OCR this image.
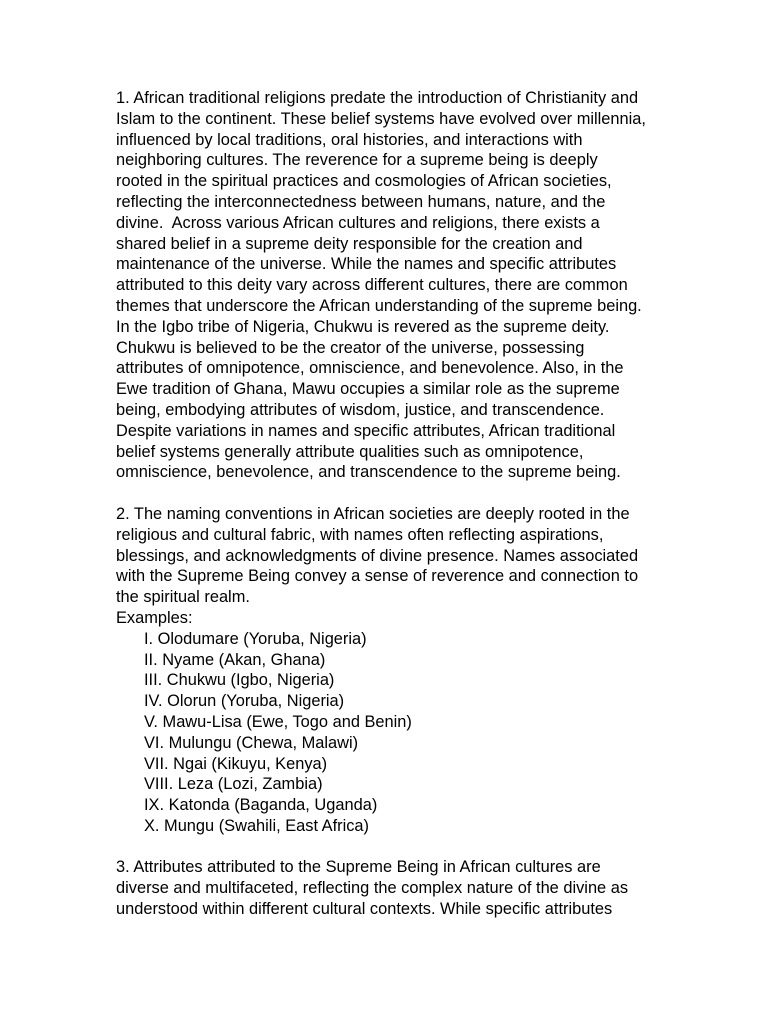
1. African traditional religions predate the introduction of Christianity and Islam to the continent. These belief systems have evolved over millennia, influenced by local traditions, oral histories, and interactions with neighboring cultures. The reverence for a supreme being is deeply rooted in the spiritual practices and cosmologies of African societies, reflecting the interconnectedness between humans, nature, and the divine.  Across various African cultures and religions, there exists a shared belief in a supreme deity responsible for the creation and maintenance of the universe. While the names and specific attributes attributed to this deity vary across different cultures, there are common themes that underscore the African understanding of the supreme being. In the Igbo tribe of Nigeria, Chukwu is revered as the supreme deity. Chukwu is believed to be the creator of the universe, possessing attributes of omnipotence, omniscience, and benevolence. Also, in the Ewe tradition of Ghana, Mawu occupies a similar role as the supreme being, embodying attributes of wisdom, justice, and transcendence. Despite variations in names and specific attributes, African traditional belief systems generally attribute qualities such as omnipotence, omniscience, benevolence, and transcendence to the supreme being.

2. The naming conventions in African societies are deeply rooted in the religious and cultural fabric, with names often reflecting aspirations, blessings, and acknowledgments of divine presence. Names associated with the Supreme Being convey a sense of reverence and connection to the spiritual realm.

Examples:

I. Olodumare (Yoruba, Nigeria)
II. Nyame (Akan, Ghana)
III. Chukwu (Igbo, Nigeria)
IV. Olorun (Yoruba, Nigeria)
V. Mawu-Lisa (Ewe, Togo and Benin)
VI. Mulungu (Chewa, Malawi)
VII. Ngai (Kikuyu, Kenya)
VIII. Leza (Lozi, Zambia)
IX. Katonda (Baganda, Uganda)
X. Mungu (Swahili, East Africa)

3. Attributes attributed to the Supreme Being in African cultures are diverse and multifaceted, reflecting the complex nature of the divine as understood within different cultural contexts. While specific attributes
